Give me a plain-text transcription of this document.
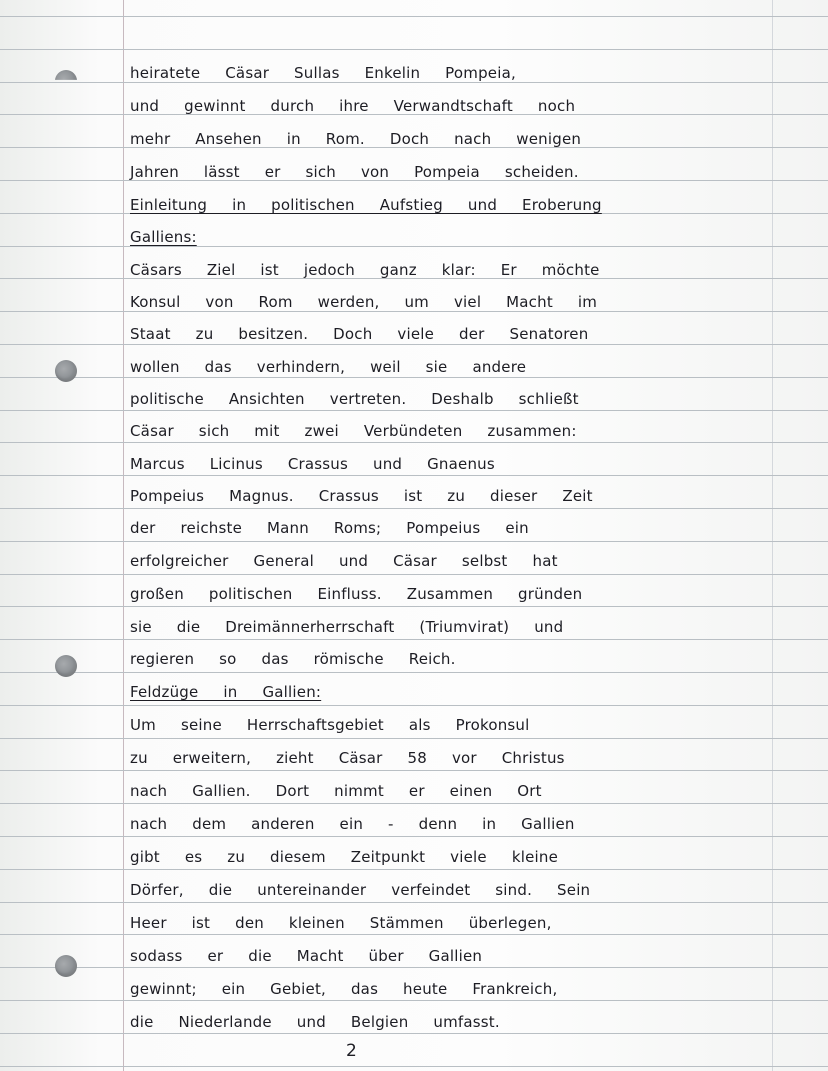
heiratete Cäsar Sullas Enkelin Pompeia,
und gewinnt durch ihre Verwandtschaft noch
mehr Ansehen in Rom. Doch nach wenigen
Jahren lässt er sich von Pompeia scheiden.
Einleitung in politischen Aufstieg und Eroberung
Galliens:
Cäsars Ziel ist jedoch ganz klar: Er möchte
Konsul von Rom werden, um viel Macht im
Staat zu besitzen. Doch viele der Senatoren
wollen das verhindern, weil sie andere
politische Ansichten vertreten. Deshalb schließt
Cäsar sich mit zwei Verbündeten zusammen:
Marcus Licinus Crassus und Gnaenus
Pompeius Magnus. Crassus ist zu dieser Zeit
der reichste Mann Roms; Pompeius ein
erfolgreicher General und Cäsar selbst hat
großen politischen Einfluss. Zusammen gründen
sie die Dreimännerherrschaft (Triumvirat) und
regieren so das römische Reich.
Feldzüge in Gallien:
Um seine Herrschaftsgebiet als Prokonsul
zu erweitern, zieht Cäsar 58 vor Christus
nach Gallien. Dort nimmt er einen Ort
nach dem anderen ein - denn in Gallien
gibt es zu diesem Zeitpunkt viele kleine
Dörfer, die untereinander verfeindet sind. Sein
Heer ist den kleinen Stämmen überlegen,
sodass er die Macht über Gallien
gewinnt; ein Gebiet, das heute Frankreich,
die Niederlande und Belgien umfasst.
2
